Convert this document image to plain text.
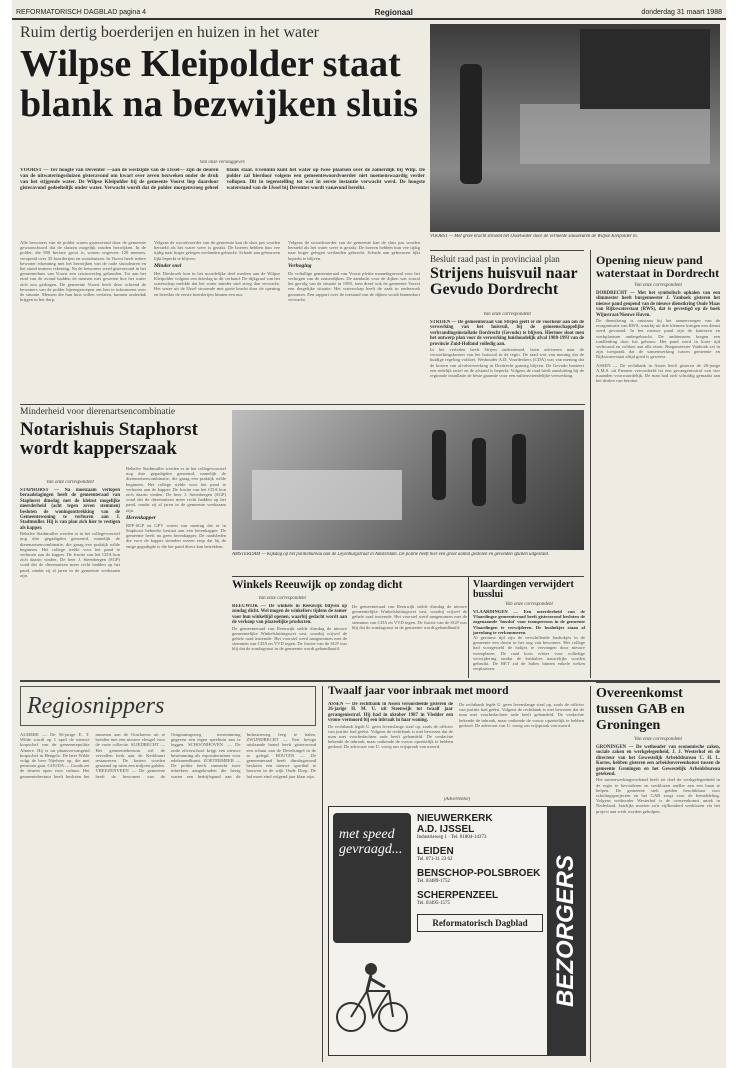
REFORMATORISCH DAGBLAD pagina 4	Regionaal	donderdag 31 maart 1988
Ruim dertig boerderijen en huizen in het water
Wilpse Kleipolder staat
blank na bezwijken sluis
Van onze verslaggever.
VOORST — Ter hoogte van Deventer —aan de westzijde van de IJssel— zijn de deuren van de uitwateringssluizen gisteravond om kwart over zeven bezweken onder de druk van het stijgende water. De Wilpse Kleipolder bij de gemeente Voorst liep daardoor gisteravond gedeeltelijk onder water. Verwacht wordt dat de polder morgenvroeg geheel blank staat. Evenmin kunt het water op twee plaatsen over de zomerdijk bij Wilp. De polder zal hierdoor volgens een gemeentewoordvoerder niet noemenswaardig verder vollopen. Dit in tegenstelling tot wat in eerste instantie verwacht werd. De hoogste waterstand van de IJssel bij Deventer wordt vanavond bereikt.
Alle bewoners van de polder waren gisteravond door de gemeente gewaarschuwd dat de sluizen mogelijk zouden bezwijken. In de polder, die 900 hectare groot is, wonen ongeveer 120 mensen, verspreid over 35 boerderijen en woonhuizen. In Voorst heeft iedere bewoner erkenning met het bezwijken van de oude sluisdeuren en het stond immers rekening. Na de bewoners werd gisteravond in het gemeentehuis van Voorst een crisisoverleg gehouden. Tot aan het eind van de avond hadden de mensen niet geweten hoe het water zich zou gedragen. De gemeente Voorst heeft deze ochtend de bewoners van de polder bijeengeroepen om hen te informeren over de situatie. Mensen die hun huis willen verlaten, kunnen onderdak krijgen in het dorp.
Volgens de woordvoerder van de gemeente kan de sluis pas worden hersteld als het water weer is gezakt. De boeren hebben hun vee tijdig naar hoger gelegen weilanden gebracht. Schade aan gebouwen lijkt beperkt te blijven.
Minder snel
Het Diesbroek kon in het noordelijke deel merken aan de Wilpse Kleipolder volgens een drieslag in dit verband. De dijkgraaf van het waterschap meldde dat het water minder snel steeg dan verwacht. Het water uit de IJssel stroomde met grote kracht door de opening en bereikte de eerste boerderijen binnen een uur.
Volgens de woordvoerder van de gemeente kan de sluis pas worden hersteld als het water weer is gezakt. De boeren hebben hun vee tijdig naar hoger gelegen weilanden gebracht. Schade aan gebouwen lijkt beperkt te blijven.
Verhoging
De voltallige gemeenteraad van Voorst pleitte maandagavond voor het verhogen van de zomerdijken. De aandacht voor de dijken wat vooral het gevolg van de situatie in 1983, toen dreef ook de gemeente Voorst een dergelijke situatie. Het waterschap heeft de zaak in onderzoek genomen. Een rapport over de toestand van de dijken wordt binnenkort verwacht.
VOORST — Met grote kracht stroomt het IJsselwater door de vernielde sluisdeuren de Wilpse Kleipolder in.
Besluit raad past in provinciaal plan
Strijens huisvuil naar
Gevudo Dordrecht
Van onze correspondent
STRIJEN — De gemeenteraad van Strijen geeft er de voorkeur aan om de verwerking van het huisvuil, bij de gemeenschappelijke verbrandingsinstallatie Dordrecht (Gevudo) te blijven. Hiermee sloot men het ontwerp plan voor de verwerking huishoudelijk afval 1988-1993 van de provincie Zuid-Holland volledig aan.
In het verleden heeft Strijen ondersteund, laten adviseren naar de verwerkingskosten van het huisvuil in de regio. De raad was van mening dat de huidige regeling voldoet. Wethouder A.D. Voordeckers (CDA) was van mening dat de kosten van afvalverwerking in Dordrecht gunstig blijven. De Gevudo hanteert een redelijk tarief en de afstand is beperkt. Volgens de raad biedt aansluiting bij de regionale installatie de beste garantie voor een milieuvriendelijke verwerking.
Opening nieuw pand waterstaat in Dordrecht
Van onze correspondent
DORDRECHT — Met het symbolisch ophalen van een slimmester heeft burgemeester J. Vanhoek gisteren het nieuwe pand geopend van de nieuwe dienstkring Oude Maas van Rijkswaterstaat (RWS), dat is gevestigd op de hoek Wijnstraat/Nieuwe Haven.
De dienstkring is ontstaan bij het samenvoegen van de reorganisatie van RWS, waarbij uit drie kleinere kringen een dienst werd gevormd. In het nieuwe pand zijn de kantoren en werkplaatsen ondergebracht. De ambtenaren kregen een rondleiding door het gebouw. Het pand werd in korte tijd verbouwd en voldoet aan alle eisen. Burgemeester Vanhoek zei in zijn toespraak dat de samenwerking tussen gemeente en Rijkswaterstaat altijd goed is geweest.
ASSEN — De rechtbank in Assen heeft gisteren de 26-jarige A.M.S. uit Emmen veroordeeld tot een gevangenisstraf van vier maanden voorwaardelijk. De man had zich schuldig gemaakt aan het dealen van heroïne.
Minderheid voor dierenartsencombinatie
Notarishuis Staphorst
wordt kapperszaak
Van onze correspondent
STAPHORST — Na moeizaam verlopen beraadslagingen heeft de gemeenteraad van Staphorst dinsdag met de kleinst mogelijke meerderheid (acht tegen zeven stemmen) besloten de woningonttrekking van de Gemeentewoning te verhuren aan J. Stadtmuller. Hij is van plan zich hier te vestigen als kapper.
Behalve Stadtmuller werden er in het collegevoorstel nog drie gegadigden genoemd, namelijk de dierenartsencombinatie, die graag een praktijk wilde beginnen. Het college stelde voor het pand te verhuren aan de kapper. De fractie van het CDA kon zich daarin vinden. De heer J. Steenbergen (SGP) vond dat de dierenartsen meer recht hadden op het pand, omdat zij al jaren in de gemeente werkzaam zijn.
Behalve Stadtmuller werden er in het collegevoorstel nog drie gegadigden genoemd, namelijk de dierenartsencombinatie, die graag een praktijk wilde beginnen. Het college stelde voor het pand te verhuren aan de kapper. De fractie van het CDA kon zich daarin vinden. De heer J. Steenbergen (SGP) vond dat de dierenartsen meer recht hadden op het pand, omdat zij al jaren in de gemeente werkzaam zijn.
Herenkapper
RPF-SGP en GPV waren van mening dat er in Staphorst behoefte bestaat aan een herenkapper. De gemeente heeft nu geen herenkapper. De raadsleden die voor de kapper stemden wezen erop dat hij de enige gegadigde is die het pand direct kan betrekken.
AMSTERDAM — Kijkdag op het politiebureau aan de Leyenburgstraat in Amsterdam. De politie heeft hier een groot aantal gestolen en gevonden spullen uitgestald.
Winkels Reeuwijk op zondag dicht
Van onze correspondent
REEUWIJK — De winkels in Reeuwijk blijven op zondag dicht. Wel mogen de winkeliers tijdens de zomer voor hun winkeltijd openen, waarbij gedacht wordt aan de verkoop van plaatselijke producten.
De gemeenteraad van Reeuwijk stelde dinsdag de nieuwe gemeentelijke Winkelsluitingswet vast, waarbij vrijwel de gehele raad instemde. Het voorstel werd aangenomen met de stemmen van CDA en VVD tegen. De fractie van de SGP was blij dat de zondagsrust in de gemeente wordt gehandhaafd.
De gemeenteraad van Reeuwijk stelde dinsdag de nieuwe gemeentelijke Winkelsluitingswet vast, waarbij vrijwel de gehele raad instemde. Het voorstel werd aangenomen met de stemmen van CDA en VVD tegen. De fractie van de SGP was blij dat de zondagsrust in de gemeente wordt gehandhaafd.
Vlaardingen verwijdert busslui
Van onze correspondent
VLAARDINGEN — Een meerderheid van de Vlaardingse gemeenteraad heeft gisteravond besloten de zogenaamde 'busslui' voor tramperrons in de gemeente Vlaardingen te verwijderen. De bushokjes staan al jarenlang te verkommeren.
Al geruime tijd zijn de verschillende bushokjes in de gemeente een doorn in het oog van bewoners. Het college had voorgesteld de hokjes te vervangen door nieuwe exemplaren. De raad koos echter voor volledige verwijdering omdat de bushaltes nauwelijks worden gebruikt. De RET zal de haltes binnen enkele weken verplaatsen.
Regiosnippers
ALMERE — De 56-jarige E. T. Wilde wordt op 1 april de nieuwe korpschef van de gemeentepolitie Almere. Hij is nu plaatsvervangend korpschef in Hengelo. De heer Wilde volgt de heer Nijeboer op, die met pensioen gaat. GOUDA — Gouda zet de deuren open voor cultuur. Het gemeentebestuur heeft besloten het museum aan de Oosthaven uit te breiden met een nieuwe vleugel voor de vaste collectie. SLIEDRECHT — Het gemeentebestuur wil de vervallen kerk aan de Kerkbuurt restaureren. De kosten worden geraamd op ruim een miljoen gulden. VREEZENVEEN — De gemeente heeft de bewoners van de Ontginningsweg toestemming gegeven een eigen speeltuin aan te leggen. SCHOONHOVEN — De oude zilverschool krijgt een nieuwe bestemming als expositieruimte voor edelsmeedkunst. ZOETERMEER — De politie heeft vannacht twee inbrekers aangehouden die bezig waren een bedrijfspand aan de Industrieweg leeg te halen. ZWIJNDRECHT — Een hevige uitslaande brand heeft gisteravond een schuur aan de Develsingel in de as gelegd. HOUTEN — De gemeenteraad heeft dinsdagavond besloten een nieuwe sporthal te bouwen in de wijk Oude Dorp. De hal moet eind volgend jaar klaar zijn.
Twaalf jaar voor inbraak met moord
ASSEN — De rechtbank in Assen veroordeelde gisteren de 26-jarige H. M. U. uit Steenwijk tot twaalf jaar gevangenisstraf. Hij had in oktober 1987 in Vledder een vrouw vermoord bij een inbraak in haar woning.
De rechtbank legde U. geen levenslange straf op, zoals de officier van justitie had geëist. Volgens de rechtbank is niet bewezen dat de man met voorbedachten rade heeft gehandeld. De verdachte bekende de inbraak, maar ontkende de vrouw opzettelijk te hebben gedood. De advocaat van U. vroeg om vrijspraak van moord.
De rechtbank legde U. geen levenslange straf op, zoals de officier van justitie had geëist. Volgens de rechtbank is niet bewezen dat de man met voorbedachten rade heeft gehandeld. De verdachte bekende de inbraak, maar ontkende de vrouw opzettelijk te hebben gedood. De advocaat van U. vroeg om vrijspraak van moord.
(Advertentie)
met speed
gevraagd...
NIEUWERKERK
A.D. IJSSEL
Industrieweg 1 · Tel. 01804-14373
LEIDEN
Tel. 071-31 23 62
BENSCHOP-POLSBROEK
Tel. 03489-1752
SCHERPENZEEL
Tel. 03495-1575
Reformatorisch Dagblad	BEZORGERS
Overeenkomst tussen GAB en Groningen
Van onze correspondent
GRONINGEN — De wethouder van economische zaken, sociale zaken en werkgelegenheid, J. J. Westerhof en de directeur van het Gewestelijk Arbeidsbureau C. H. L. Kortes, hebben gisteren een arbeidsovereenkomst tussen de gemeente Groningen en het Gewestelijk Arbeidsbureau getekend.
Het samenwerkingsverband heeft tot doel de werkgelegenheid in de regio te bevorderen en werklozen sneller aan een baan te helpen. De gemeente stelt gelden beschikbaar voor scholingsprojecten en het GAB zorgt voor de bemiddeling. Volgens wethouder Westerhof is de overeenkomst uniek in Nederland. Jaarlijks moeten zo'n vijfhonderd werklozen via het project aan werk worden geholpen.
